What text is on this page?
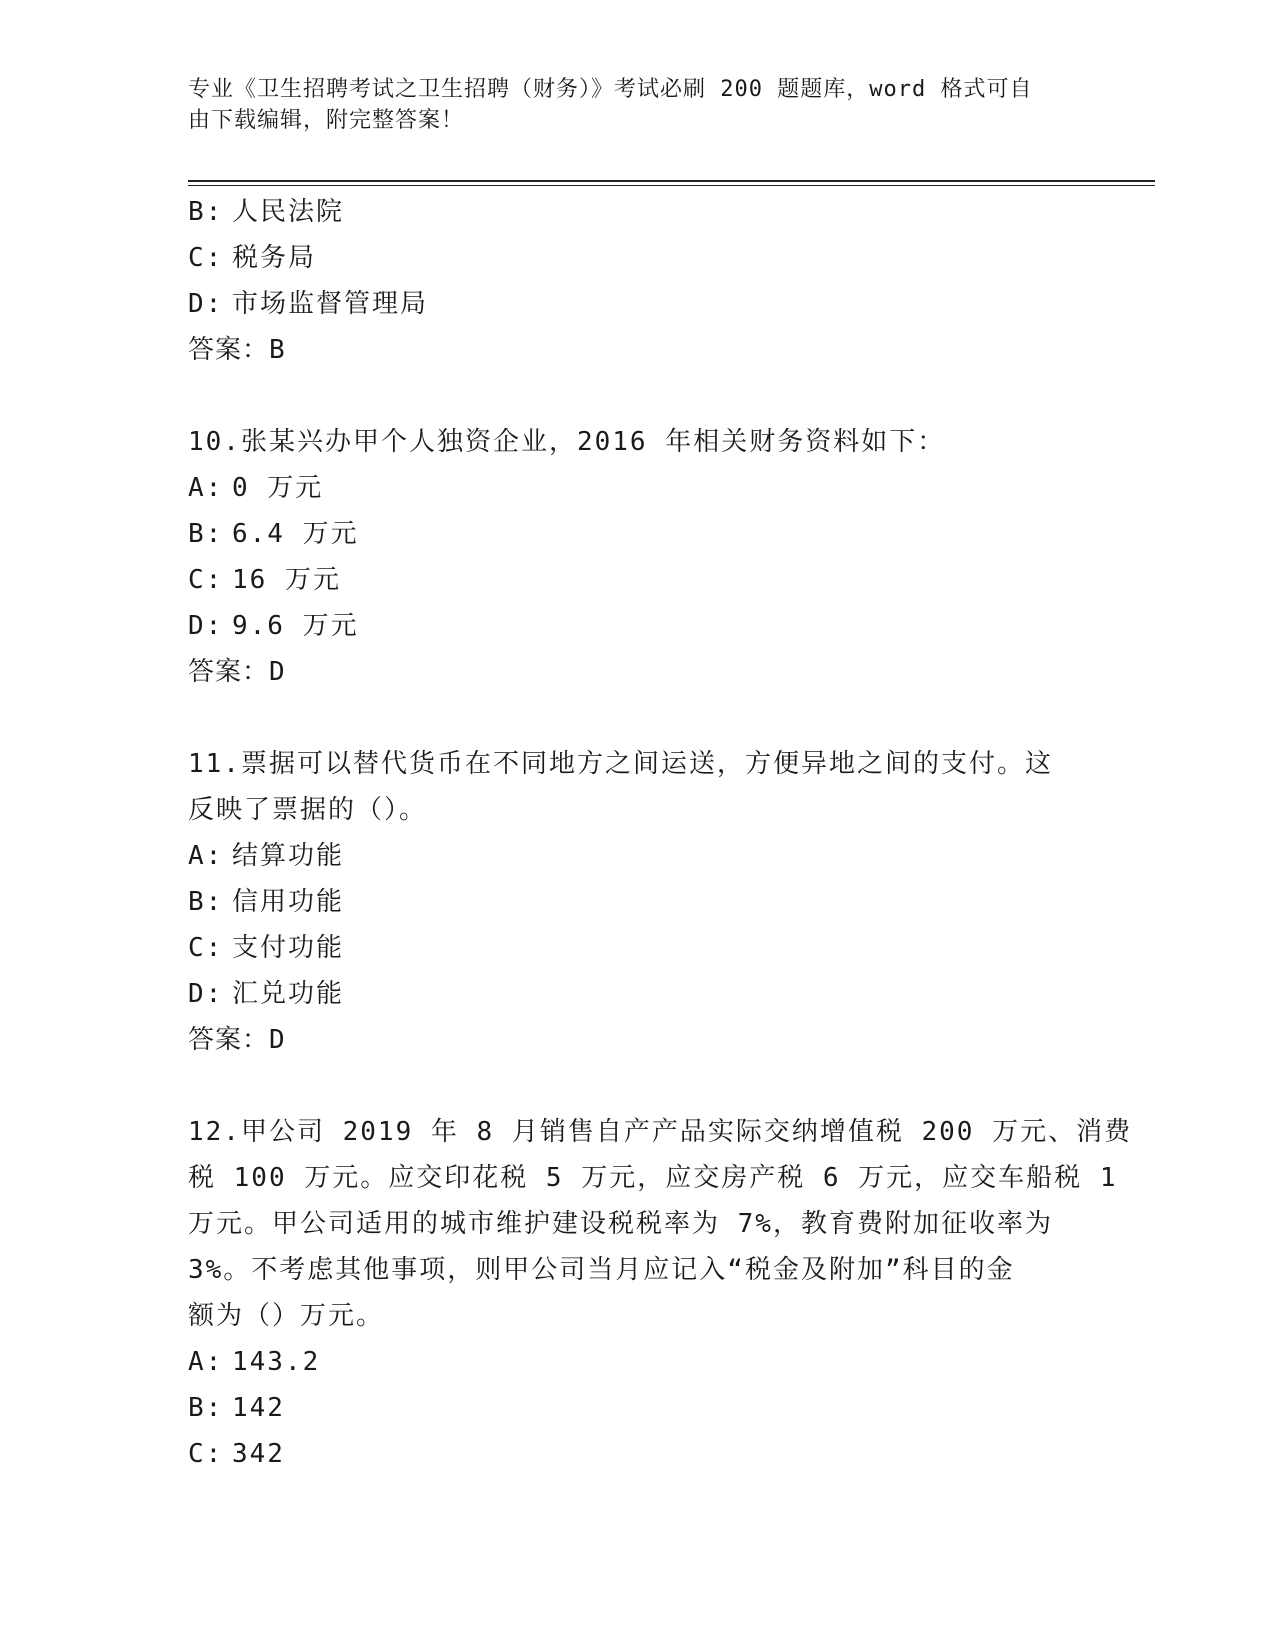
专业《卫生招聘考试之卫生招聘（财务）》考试必刷 200 题题库，word 格式可自
由下载编辑，附完整答案！
B: 人民法院
C: 税务局
D: 市场监督管理局
答案：B
10.张某兴办甲个人独资企业，2016 年相关财务资料如下：
A: 0 万元
B: 6.4 万元
C: 16 万元
D: 9.6 万元
答案：D
11.票据可以替代货币在不同地方之间运送，方便异地之间的支付。这
反映了票据的（）。
A: 结算功能
B: 信用功能
C: 支付功能
D: 汇兑功能
答案：D
12.甲公司 2019 年 8 月销售自产产品实际交纳增值税 200 万元、消费
税 100 万元。应交印花税 5 万元，应交房产税 6 万元，应交车船税 1
万元。甲公司适用的城市维护建设税税率为 7%，教育费附加征收率为
3%。不考虑其他事项，则甲公司当月应记入“税金及附加”科目的金
额为（）万元。
A: 143.2
B: 142
C: 342
